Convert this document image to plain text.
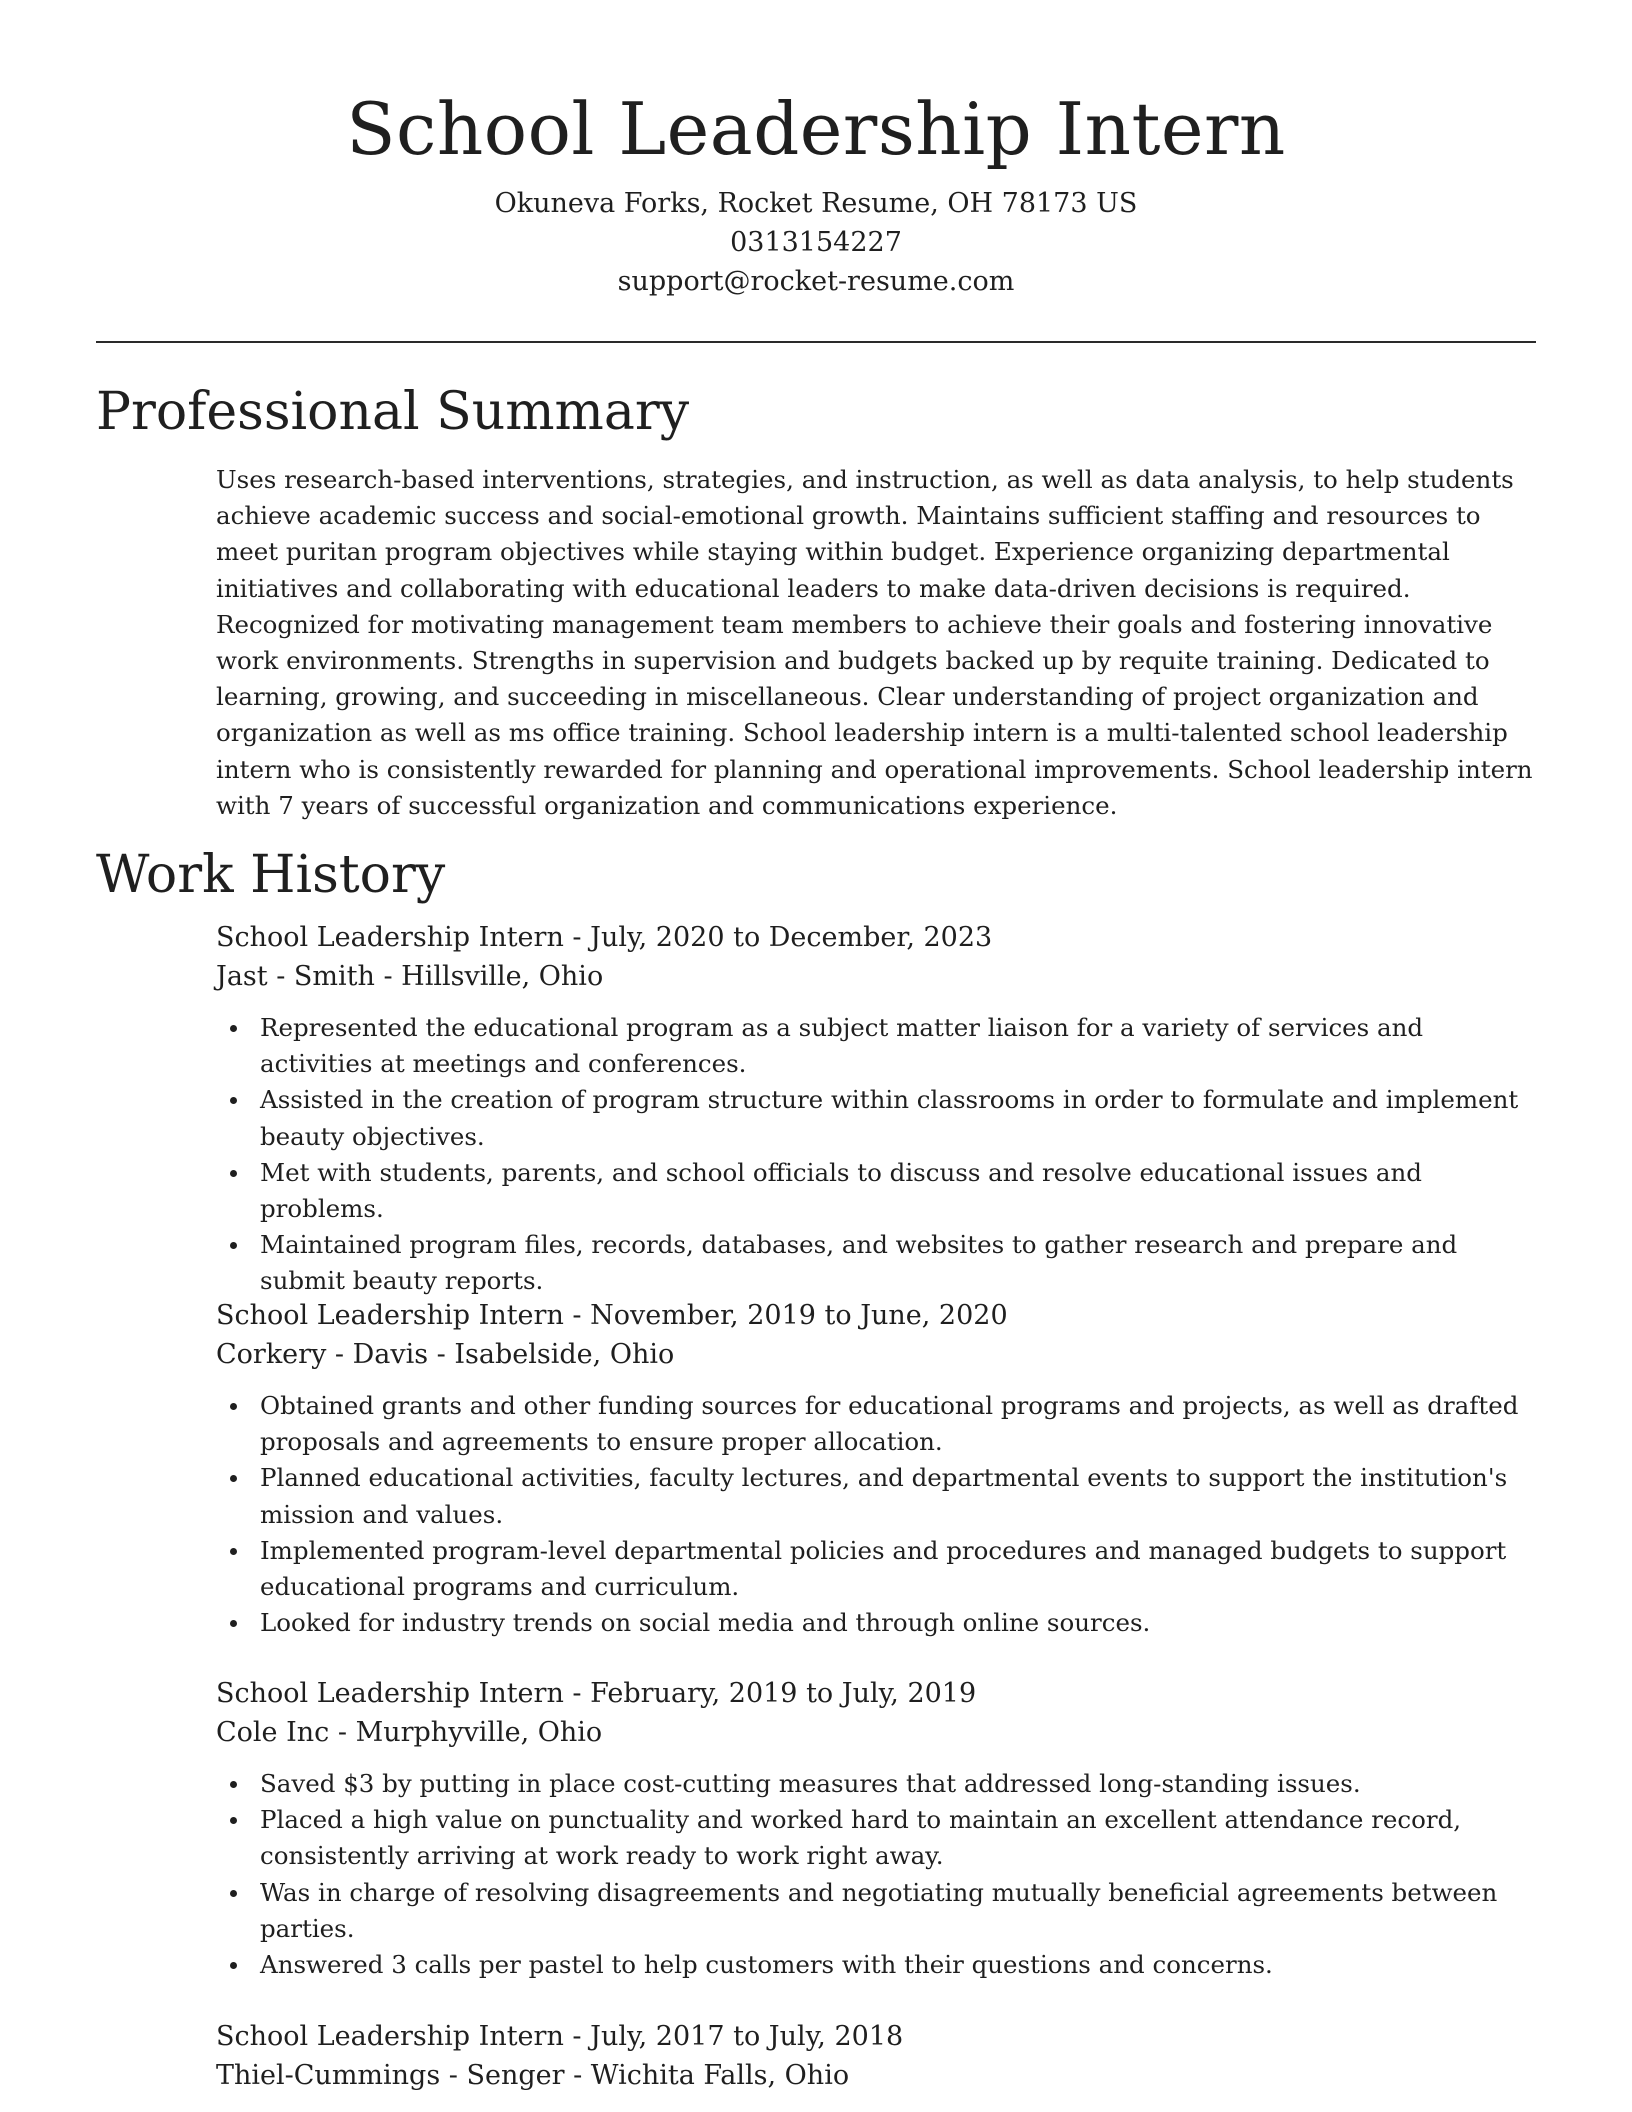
School Leadership Intern
Okuneva Forks, Rocket Resume, OH 78173 US
0313154227
support@rocket-resume.com
Professional Summary

Uses research-based interventions, strategies, and instruction, as well as data analysis, to help students achieve academic success and social-emotional growth. Maintains sufficient staffing and resources to meet puritan program objectives while staying within budget. Experience organizing departmental initiatives and collaborating with educational leaders to make data-driven decisions is required. Recognized for motivating management team members to achieve their goals and fostering innovative work environments. Strengths in supervision and budgets backed up by requite training. Dedicated to learning, growing, and succeeding in miscellaneous. Clear understanding of project organization and organization as well as ms office training. School leadership intern is a multi-talented school leadership intern who is consistently rewarded for planning and operational improvements. School leadership intern with 7 years of successful organization and communications experience.

Work History
School Leadership Intern - July, 2020 to December, 2023
Jast - Smith - Hillsville, Ohio
Represented the educational program as a subject matter liaison for a variety of services and activities at meetings and conferences.
Assisted in the creation of program structure within classrooms in order to formulate and implement beauty objectives.
Met with students, parents, and school officials to discuss and resolve educational issues and problems.
Maintained program files, records, databases, and websites to gather research and prepare and submit beauty reports.
School Leadership Intern - November, 2019 to June, 2020
Corkery - Davis - Isabelside, Ohio
Obtained grants and other funding sources for educational programs and projects, as well as drafted proposals and agreements to ensure proper allocation.
Planned educational activities, faculty lectures, and departmental events to support the institution's mission and values.
Implemented program-level departmental policies and procedures and managed budgets to support educational programs and curriculum.
Looked for industry trends on social media and through online sources.
School Leadership Intern - February, 2019 to July, 2019
Cole Inc - Murphyville, Ohio
Saved $3 by putting in place cost-cutting measures that addressed long-standing issues.
Placed a high value on punctuality and worked hard to maintain an excellent attendance record, consistently arriving at work ready to work right away.
Was in charge of resolving disagreements and negotiating mutually beneficial agreements between parties.
Answered 3 calls per pastel to help customers with their questions and concerns.
School Leadership Intern - July, 2017 to July, 2018
Thiel-Cummings - Senger - Wichita Falls, Ohio
